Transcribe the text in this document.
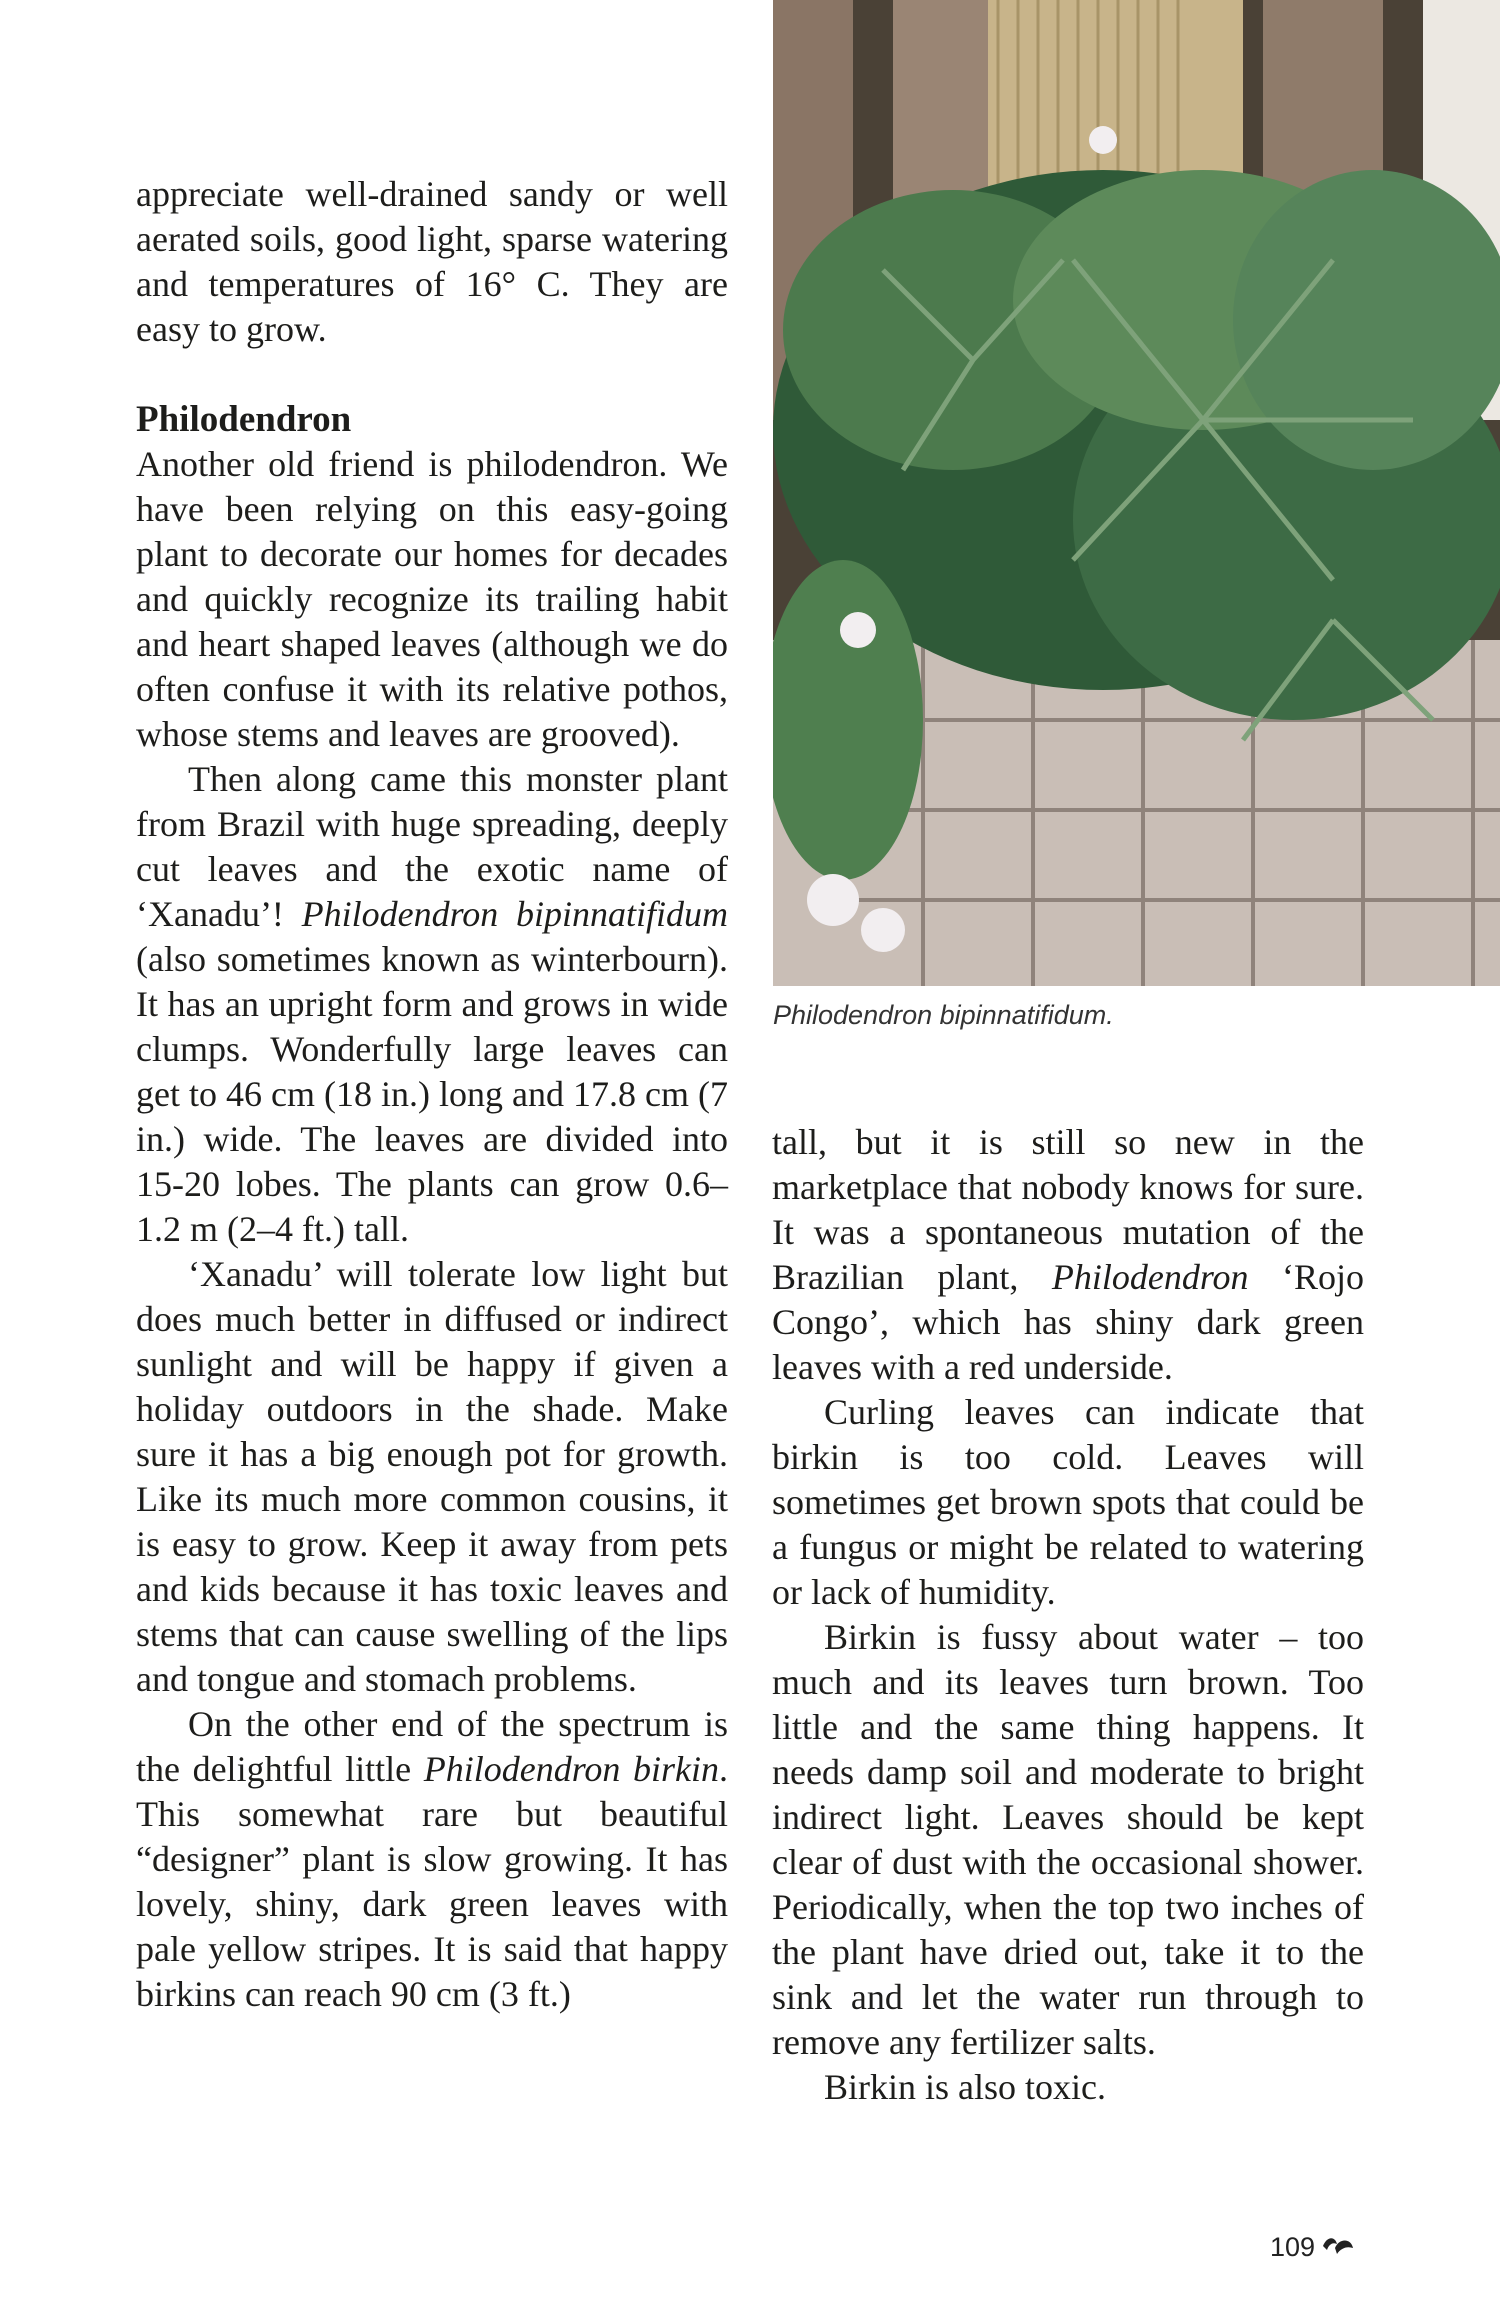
appreciate well-drained sandy or well aerated soils, good light, sparse watering and temperatures of 16° C. They are easy to grow.

Philodendron

Another old friend is philodendron. We have been relying on this easy-going plant to decorate our homes for decades and quickly recognize its trailing habit and heart shaped leaves (although we do often confuse it with its relative pothos, whose stems and leaves are grooved).

Then along came this monster plant from Brazil with huge spreading, deeply cut leaves and the exotic name of ‘Xanadu’! Philodendron bipinnatifidum (also sometimes known as winterbourn). It has an upright form and grows in wide clumps. Wonderfully large leaves can get to 46 cm (18 in.) long and 17.8 cm (7 in.) wide. The leaves are divided into 15-20 lobes. The plants can grow 0.6–1.2 m (2–4 ft.) tall.

‘Xanadu’ will tolerate low light but does much better in diffused or indirect sunlight and will be happy if given a holiday outdoors in the shade. Make sure it has a big enough pot for growth. Like its much more common cousins, it is easy to grow. Keep it away from pets and kids because it has toxic leaves and stems that can cause swelling of the lips and tongue and stomach problems.

On the other end of the spectrum is the delightful little Philodendron birkin. This somewhat rare but beautiful “designer” plant is slow growing. It has lovely, shiny, dark green leaves with pale yellow stripes. It is said that happy birkins can reach 90 cm (3 ft.)

Philodendron bipinnatifidum.

tall, but it is still so new in the marketplace that nobody knows for sure. It was a spontaneous mutation of the Brazilian plant, Philodendron ‘Rojo Congo’, which has shiny dark green leaves with a red underside.

Curling leaves can indicate that birkin is too cold. Leaves will sometimes get brown spots that could be a fungus or might be related to watering or lack of humidity.

Birkin is fussy about water – too much and its leaves turn brown. Too little and the same thing happens. It needs damp soil and moderate to bright indirect light. Leaves should be kept clear of dust with the occasional shower. Periodically, when the top two inches of the plant have dried out, take it to the sink and let the water run through to remove any fertilizer salts.

Birkin is also toxic.

109
